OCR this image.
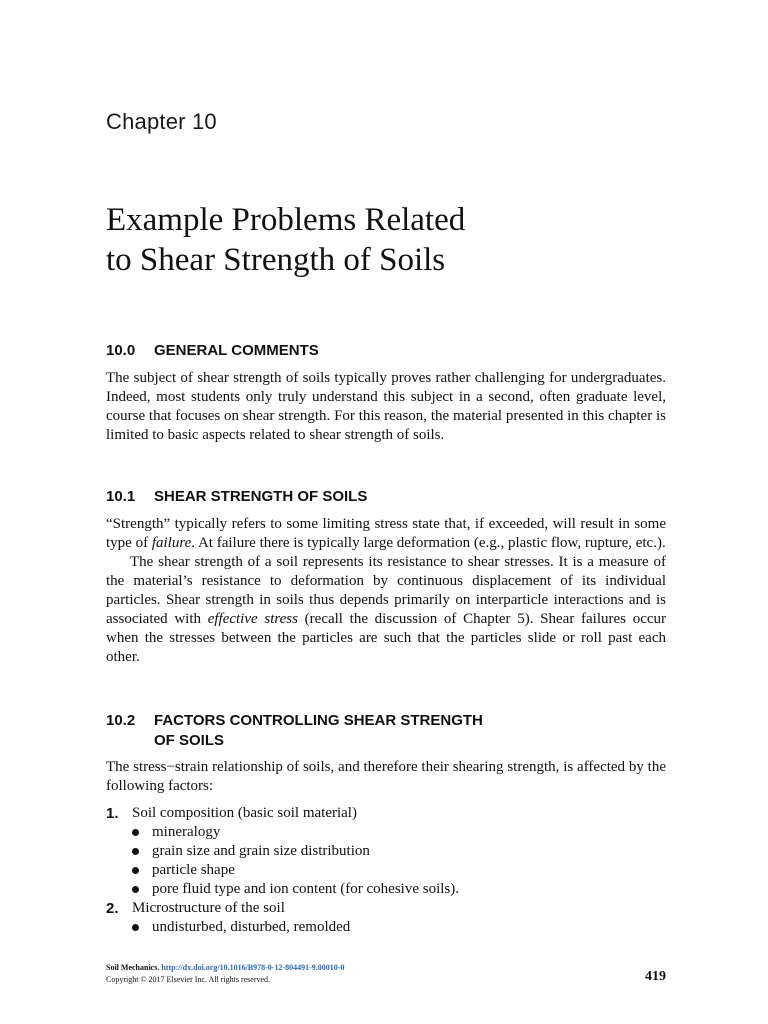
Chapter 10
Example Problems Related
to Shear Strength of Soils
10.0 GENERAL COMMENTS

The subject of shear strength of soils typically proves rather challenging for undergraduates. Indeed, most students only truly understand this subject in a second, often graduate level, course that focuses on shear strength. For this reason, the material presented in this chapter is limited to basic aspects related to shear strength of soils.

10.1 SHEAR STRENGTH OF SOILS

“Strength” typically refers to some limiting stress state that, if exceeded, will result in some type of failure. At failure there is typically large deformation (e.g., plastic flow, rupture, etc.).

The shear strength of a soil represents its resistance to shear stresses. It is a measure of the material’s resistance to deformation by continuous displacement of its individual particles. Shear strength in soils thus depends primarily on interparticle interactions and is associated with effective stress (recall the discussion of Chapter 5). Shear failures occur when the stresses between the particles are such that the particles slide or roll past each other.

10.2 FACTORS CONTROLLING SHEAR STRENGTH
OF SOILS

The stress−strain relationship of soils, and therefore their shearing strength, is affected by the following factors:

1. Soil composition (basic soil material)
mineralogy
grain size and grain size distribution
particle shape
pore fluid type and ion content (for cohesive soils).
2. Microstructure of the soil
undisturbed, disturbed, remolded
Soil Mechanics. http://dx.doi.org/10.1016/B978-0-12-804491-9.00010-0
Copyright © 2017 Elsevier Inc. All rights reserved.	419
